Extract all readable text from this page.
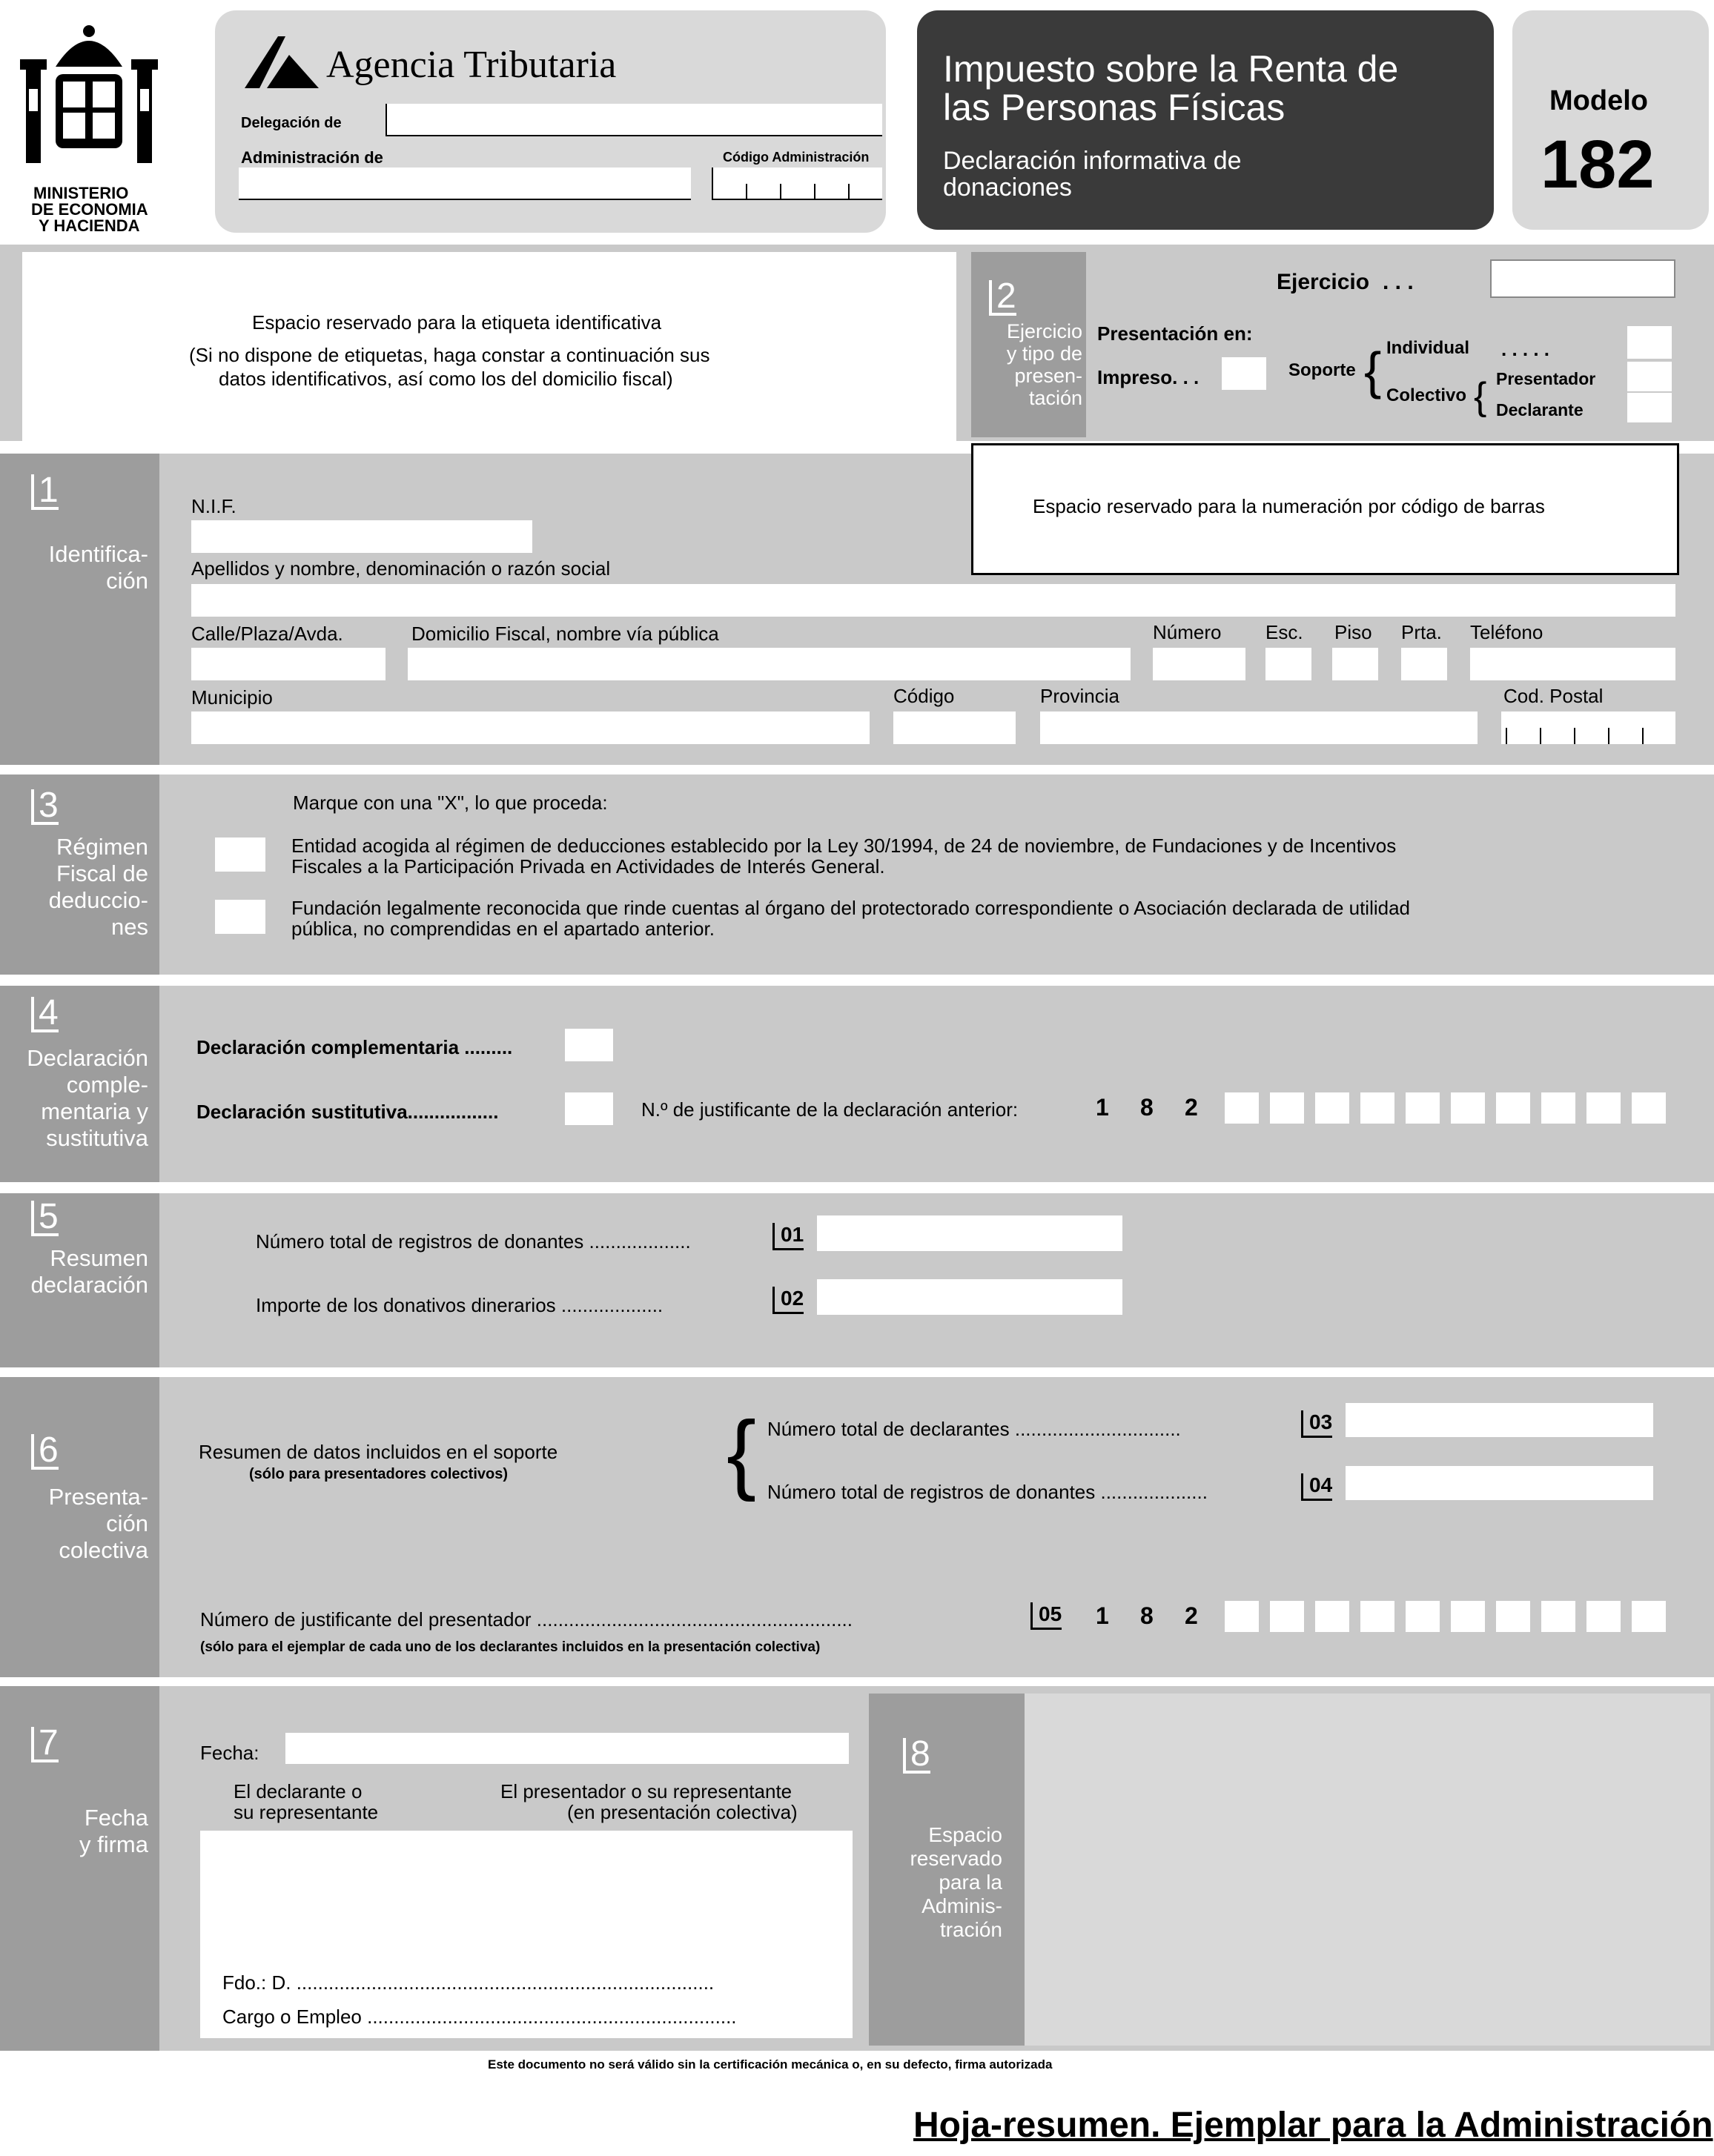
MINISTERIO
DE ECONOMIA
Y HACIENDA
Agencia Tributaria
Delegación de
Administración de	Código Administración
Impuesto sobre la Renta de
las Personas Físicas
Declaración informativa de
donaciones
Modelo
182
Espacio reservado para la etiqueta identificativa
(Si no dispone de etiquetas, haga constar a continuación sus
datos identificativos, así como los del domicilio fiscal)
2
Ejercicio
y tipo de
presen-
tación
Ejercicio . . .
Presentación en:
Impreso. . .	Soporte { Individual . . . . .
Colectivo { Presentador
Declarante
1
Identifica-
ción
Espacio reservado para la numeración por código de barras
N.I.F.
Apellidos y nombre, denominación o razón social
Calle/Plaza/Avda.	Domicilio Fiscal, nombre vía pública	Número Esc. Piso Prta. Teléfono
Municipio	Código	Provincia	Cod. Postal
3
Régimen
Fiscal de
deduccio-
nes
Marque con una "X", lo que proceda:
Entidad acogida al régimen de deducciones establecido por la Ley 30/1994, de 24 de noviembre, de Fundaciones y de Incentivos
Fiscales a la Participación Privada en Actividades de Interés General.
Fundación legalmente reconocida que rinde cuentas al órgano del protectorado correspondiente o Asociación declarada de utilidad
pública, no comprendidas en el apartado anterior.
4
Declaración
comple-
mentaria y
sustitutiva
Declaración complementaria .........
Declaración sustitutiva.................	N.º de justificante de la declaración anterior:	1 8 2
5
Resumen
declaración
Número total de registros de donantes ...................	01
Importe de los donativos dinerarios ...................	02
6
Presenta-
ción
colectiva
Resumen de datos incluidos en el soporte
(sólo para presentadores colectivos) { Número total de declarantes ...............................	03
Número total de registros de donantes ....................	04
Número de justificante del presentador ...........................................................
(sólo para el ejemplar de cada uno de los declarantes incluidos en la presentación colectiva)
05 1 8 2
7
Fecha
y firma
Fecha:
El declarante o
su representante
El presentador o su representante
(en presentación colectiva)
Fdo.: D. ..............................................................................
Cargo o Empleo .....................................................................
8
Espacio
reservado
para la
Adminis-
tración
Este documento no será válido sin la certificación mecánica o, en su defecto, firma autorizada
Hoja-resumen. Ejemplar para la Administración
